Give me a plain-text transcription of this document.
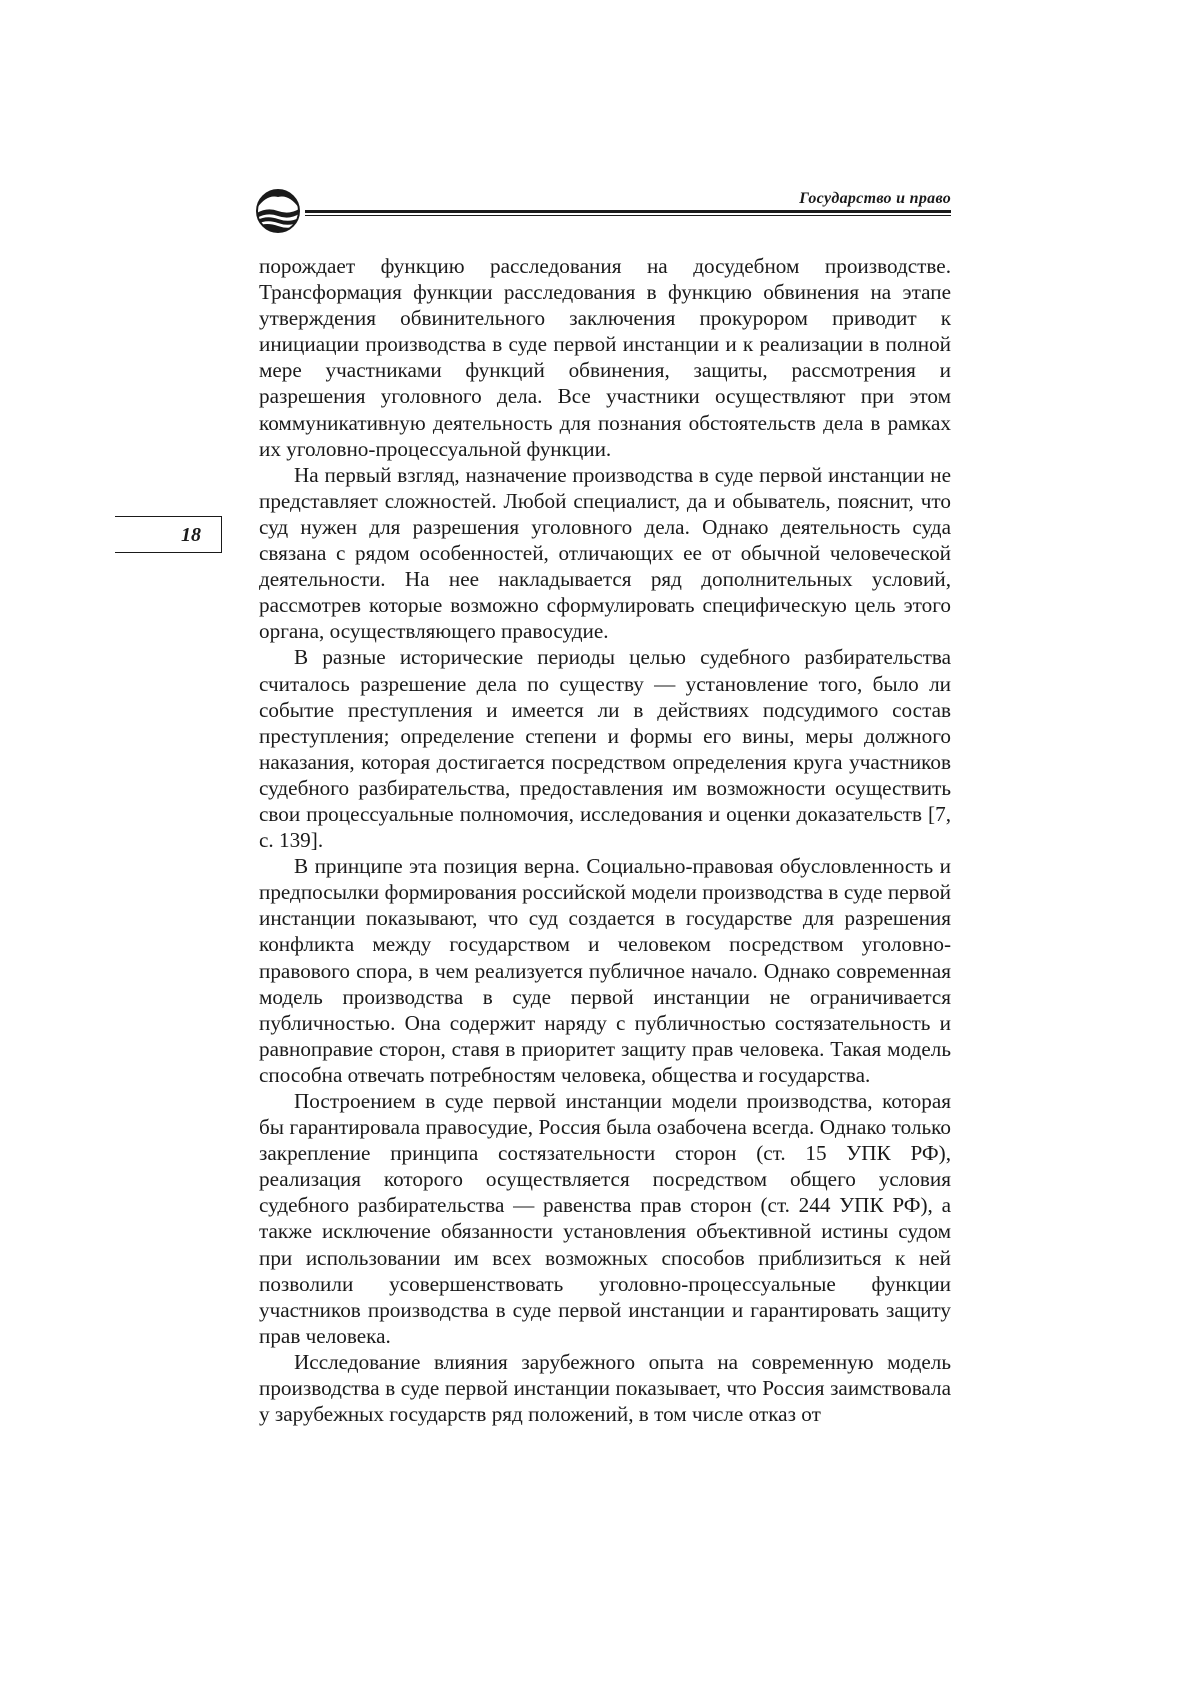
Государство и право
18

порождает функцию расследования на досудебном производстве. Трансформация функции расследования в функцию обвинения на этапе утверждения обвинительного заключения прокурором приводит к инициации производства в суде первой инстанции и к реализации в полной мере участниками функций обвинения, защиты, рассмотрения и разрешения уголовного дела. Все участники осуществляют при этом коммуникативную деятельность для познания обстоятельств дела в рамках их уголовно-процессуальной функции.

На первый взгляд, назначение производства в суде первой инстанции не представляет сложностей. Любой специалист, да и обыватель, пояснит, что суд нужен для разрешения уголовного дела. Однако деятельность суда связана с рядом особенностей, отличающих ее от обычной человеческой деятельности. На нее накладывается ряд дополнительных условий, рассмотрев которые возможно сформулировать специфическую цель этого органа, осуществляющего правосудие.

В разные исторические периоды целью судебного разбирательства считалось разрешение дела по существу — установление того, было ли событие преступления и имеется ли в действиях подсудимого состав преступления; определение степени и формы его вины, меры должного наказания, которая достигается посредством определения круга участников судебного разбирательства, предоставления им возможности осуществить свои процессуальные полномочия, исследования и оценки доказательств [7, с. 139].

В принципе эта позиция верна. Социально-правовая обусловленность и предпосылки формирования российской модели производства в суде первой инстанции показывают, что суд создается в государстве для разрешения конфликта между государством и человеком посредством уголовно-правового спора, в чем реализуется публичное начало. Однако современная модель производства в суде первой инстанции не ограничивается публичностью. Она содержит наряду с публичностью состязательность и равноправие сторон, ставя в приоритет защиту прав человека. Такая модель способна отвечать потребностям человека, общества и государства.

Построением в суде первой инстанции модели производства, которая бы гарантировала правосудие, Россия была озабочена всегда. Однако только закрепление принципа состязательности сторон (ст. 15 УПК РФ), реализация которого осуществляется посредством общего условия судебного разбирательства — равенства прав сторон (ст. 244 УПК РФ), а также исключение обязанности установления объективной истины судом при использовании им всех возможных способов приблизиться к ней позволили усовершенствовать уголовно-процессуальные функции участников производства в суде первой инстанции и гарантировать защиту прав человека.

Исследование влияния зарубежного опыта на современную модель производства в суде первой инстанции показывает, что Россия заимствовала у зарубежных государств ряд положений, в том числе отказ от
